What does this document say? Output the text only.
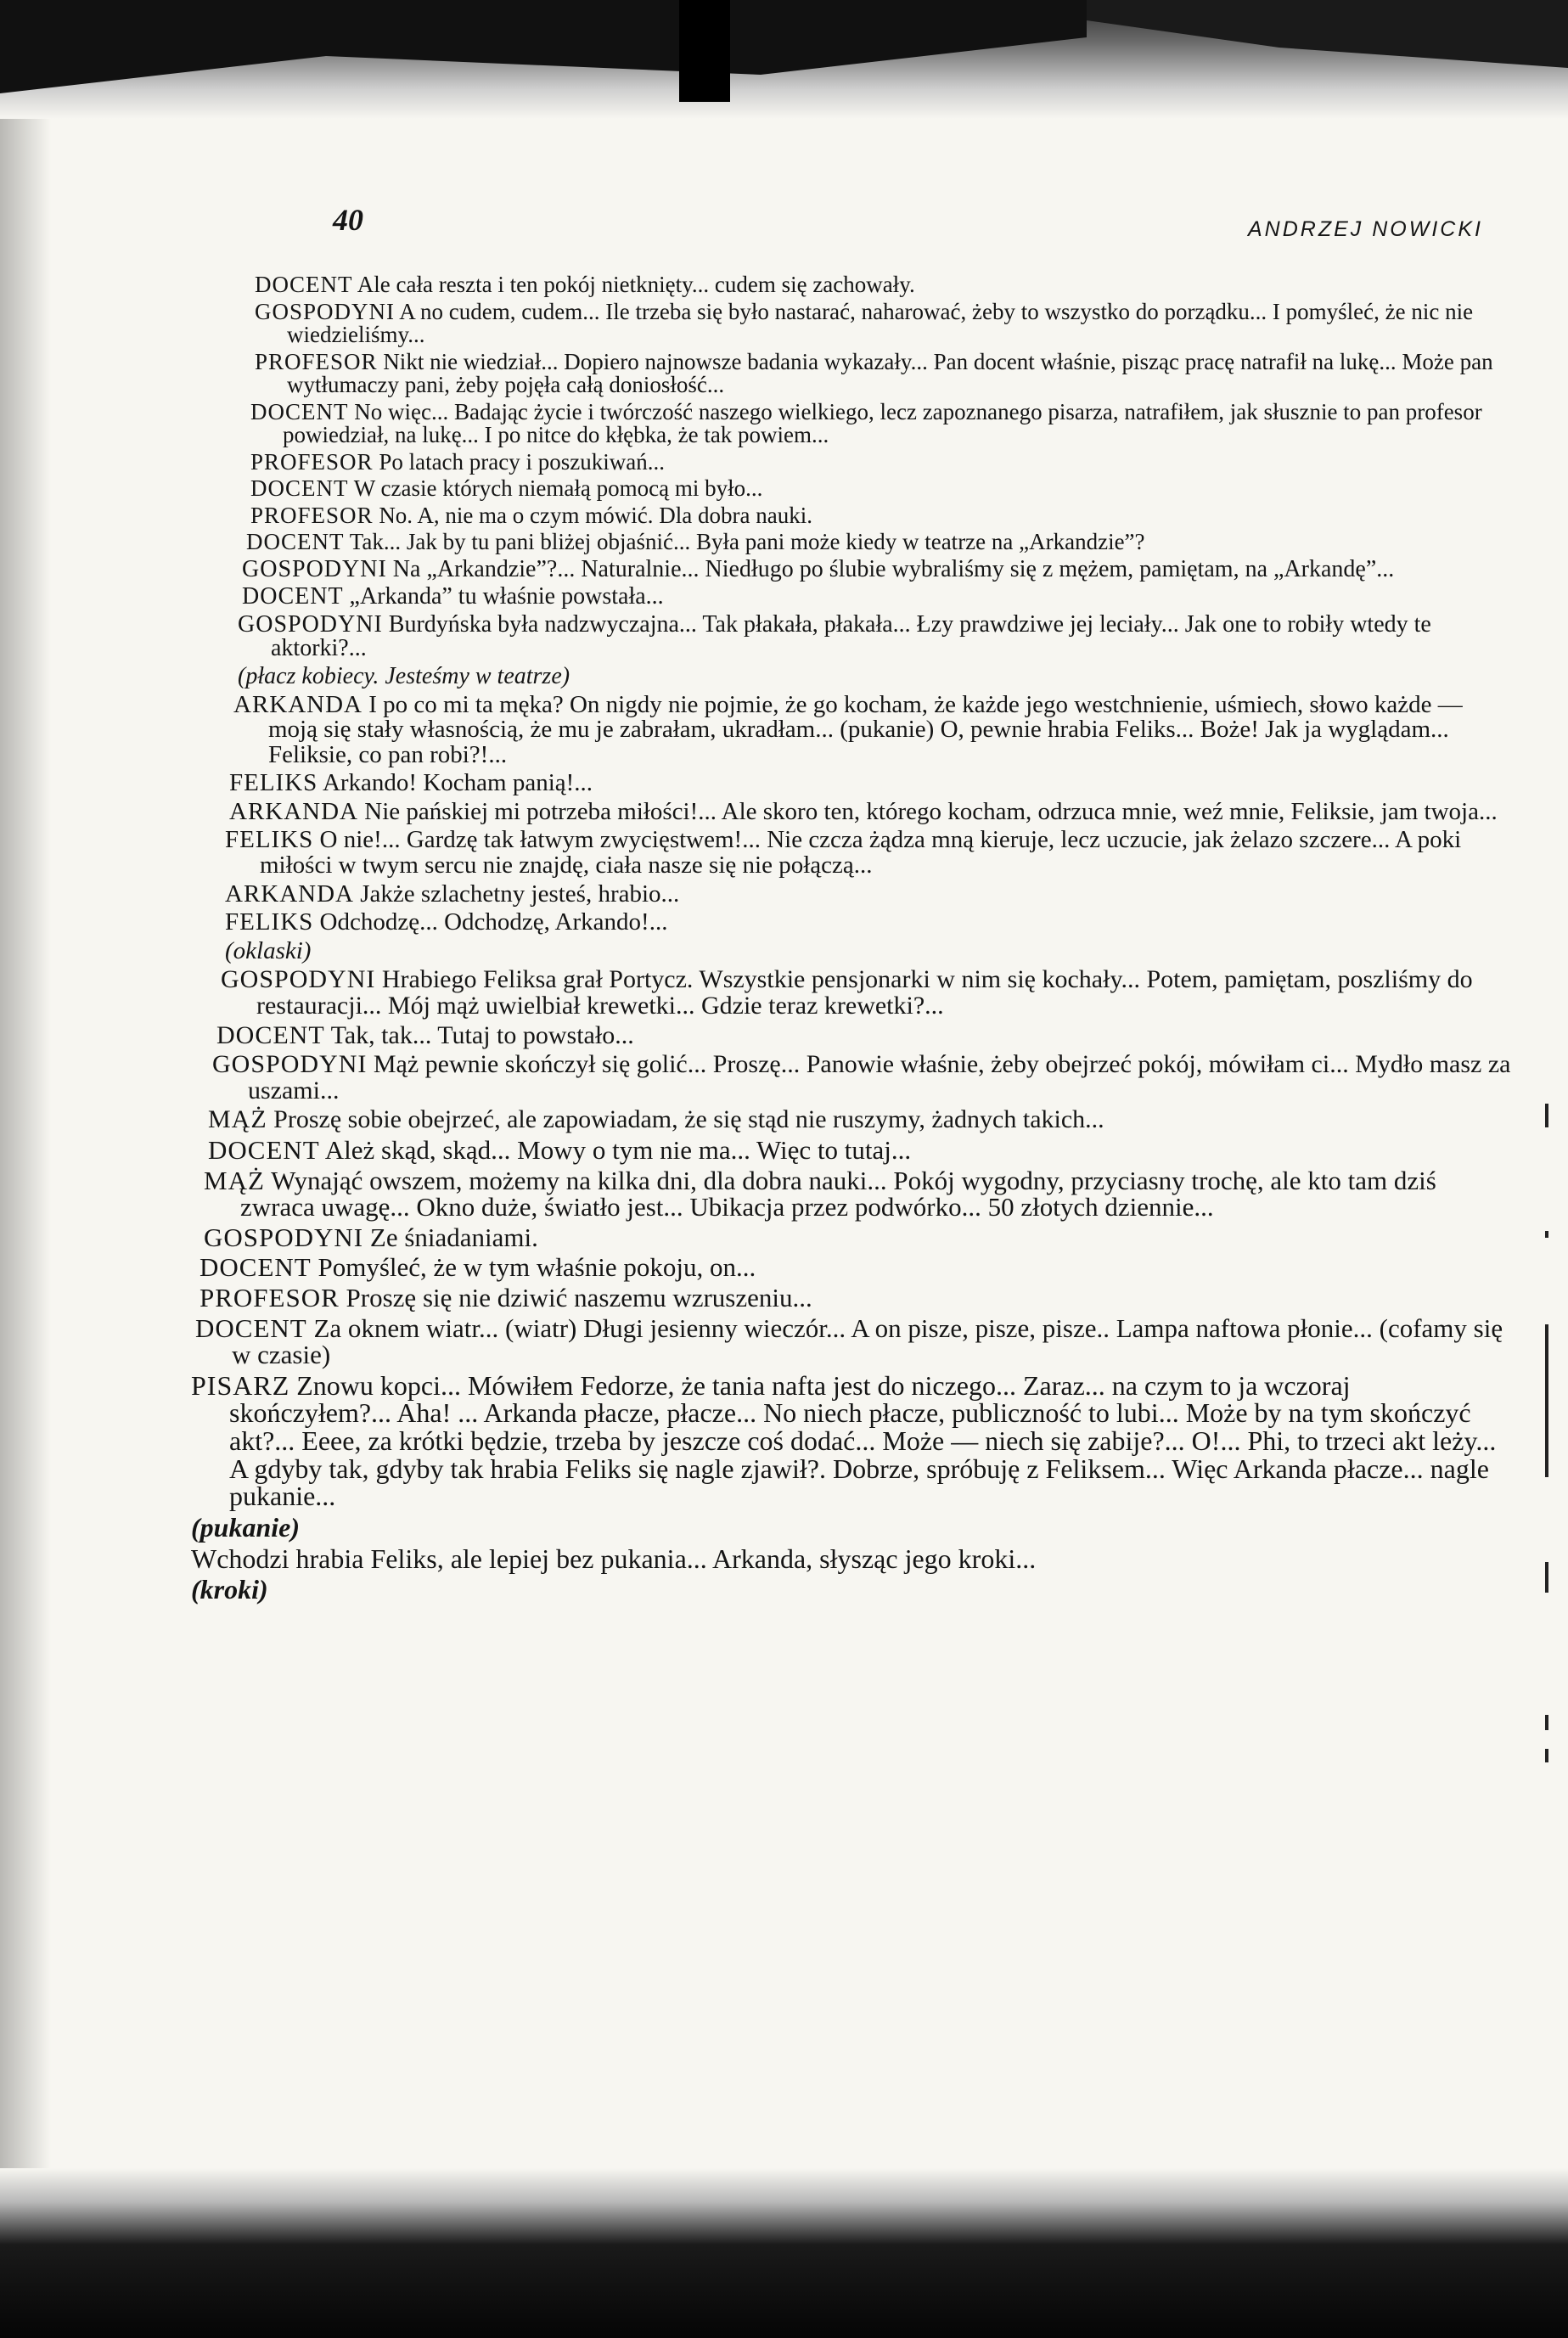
40	ANDRZEJ NOWICKI
DOCENT Ale cała reszta i ten pokój nietknięty... cudem się zachowały.
GOSPODYNI A no cudem, cudem... Ile trzeba się było nastarać, naharować, żeby to wszystko do porządku... I pomyśleć, że nic nie wiedzieliśmy...
PROFESOR Nikt nie wiedział... Dopiero najnowsze badania wykazały... Pan docent właśnie, pisząc pracę natrafił na lukę... Może pan wytłumaczy pani, żeby pojęła całą doniosłość...
DOCENT No więc... Badając życie i twórczość naszego wielkiego, lecz zapoznanego pisarza, natrafiłem, jak słusznie to pan profesor powiedział, na lukę... I po nitce do kłębka, że tak powiem...
PROFESOR Po latach pracy i poszukiwań...
DOCENT W czasie których niemałą pomocą mi było...
PROFESOR No. A, nie ma o czym mówić. Dla dobra nauki.
DOCENT Tak... Jak by tu pani bliżej objaśnić... Była pani może kiedy w teatrze na „Arkandzie”?
GOSPODYNI Na „Arkandzie”?... Naturalnie... Niedługo po ślubie wybraliśmy się z mężem, pamiętam, na „Arkandę”...
DOCENT „Arkanda” tu właśnie powstała...
GOSPODYNI Burdyńska była nadzwyczajna... Tak płakała, płakała... Łzy prawdziwe jej leciały... Jak one to robiły wtedy te aktorki?...
(płacz kobiecy. Jesteśmy w teatrze)
ARKANDA I po co mi ta męka? On nigdy nie pojmie, że go kocham, że każde jego westchnienie, uśmiech, słowo każde — moją się stały własnością, że mu je zabrałam, ukradłam... (pukanie) O, pewnie hrabia Feliks... Boże! Jak ja wyglądam... Feliksie, co pan robi?!...
FELIKS Arkando! Kocham panią!...
ARKANDA Nie pańskiej mi potrzeba miłości!... Ale skoro ten, którego kocham, odrzuca mnie, weź mnie, Feliksie, jam twoja...
FELIKS O nie!... Gardzę tak łatwym zwycięstwem!... Nie czcza żądza mną kieruje, lecz uczucie, jak żelazo szczere... A poki miłości w twym sercu nie znajdę, ciała nasze się nie połączą...
ARKANDA Jakże szlachetny jesteś, hrabio...
FELIKS Odchodzę... Odchodzę, Arkando!...
(oklaski)
GOSPODYNI Hrabiego Feliksa grał Portycz. Wszystkie pensjonarki w nim się kochały... Potem, pamiętam, poszliśmy do restauracji... Mój mąż uwielbiał krewetki... Gdzie teraz krewetki?...
DOCENT Tak, tak... Tutaj to powstało...
GOSPODYNI Mąż pewnie skończył się golić... Proszę... Panowie właśnie, żeby obejrzeć pokój, mówiłam ci... Mydło masz za uszami...
MĄŻ Proszę sobie obejrzeć, ale zapowiadam, że się stąd nie ruszymy, żadnych takich...
DOCENT Ależ skąd, skąd... Mowy o tym nie ma... Więc to tutaj...
MĄŻ Wynająć owszem, możemy na kilka dni, dla dobra nauki... Pokój wygodny, przyciasny trochę, ale kto tam dziś zwraca uwagę... Okno duże, światło jest... Ubikacja przez podwórko... 50 złotych dziennie...
GOSPODYNI Ze śniadaniami.
DOCENT Pomyśleć, że w tym właśnie pokoju, on...
PROFESOR Proszę się nie dziwić naszemu wzruszeniu...
DOCENT Za oknem wiatr... (wiatr) Długi jesienny wieczór... A on pisze, pisze, pisze.. Lampa naftowa płonie... (cofamy się w czasie)
PISARZ Znowu kopci... Mówiłem Fedorze, że tania nafta jest do niczego... Zaraz... na czym to ja wczoraj skończyłem?... Aha! ... Arkanda płacze, płacze... No niech płacze, publiczność to lubi... Może by na tym skończyć akt?... Eeee, za krótki będzie, trzeba by jeszcze coś dodać... Może — niech się zabije?... O!... Phi, to trzeci akt leży... A gdyby tak, gdyby tak hrabia Feliks się nagle zjawił?. Dobrze, spróbuję z Feliksem... Więc Arkanda płacze... nagle pukanie...
(pukanie)
Wchodzi hrabia Feliks, ale lepiej bez pukania... Arkanda, słysząc jego kroki...
(kroki)
